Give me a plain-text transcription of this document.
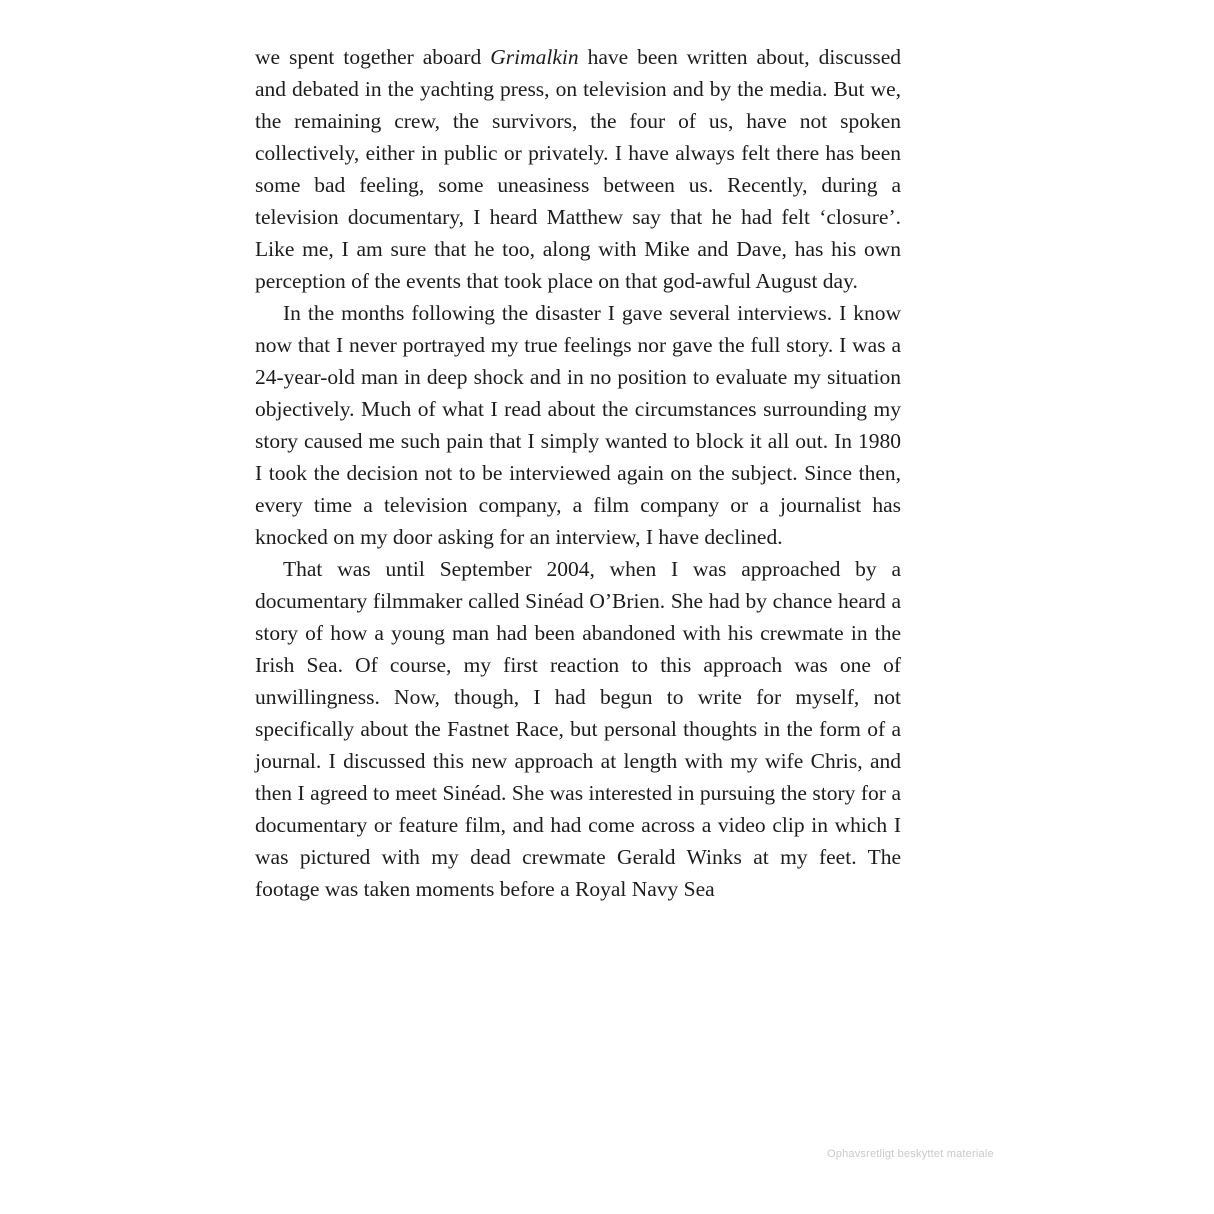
we spent together aboard Grimalkin have been written about, discussed and debated in the yachting press, on television and by the media. But we, the remaining crew, the survivors, the four of us, have not spoken collectively, either in public or privately. I have always felt there has been some bad feeling, some uneasiness between us. Recently, during a television documentary, I heard Matthew say that he had felt ‘closure’. Like me, I am sure that he too, along with Mike and Dave, has his own perception of the events that took place on that god-awful August day.

In the months following the disaster I gave several interviews. I know now that I never portrayed my true feelings nor gave the full story. I was a 24-year-old man in deep shock and in no position to evaluate my situation objectively. Much of what I read about the circumstances surrounding my story caused me such pain that I simply wanted to block it all out. In 1980 I took the decision not to be interviewed again on the subject. Since then, every time a television company, a film company or a journalist has knocked on my door asking for an interview, I have declined.

That was until September 2004, when I was approached by a documentary filmmaker called Sinéad O’Brien. She had by chance heard a story of how a young man had been abandoned with his crewmate in the Irish Sea. Of course, my first reaction to this approach was one of unwillingness. Now, though, I had begun to write for myself, not specifically about the Fastnet Race, but personal thoughts in the form of a journal. I discussed this new approach at length with my wife Chris, and then I agreed to meet Sinéad. She was interested in pursuing the story for a documentary or feature film, and had come across a video clip in which I was pictured with my dead crewmate Gerald Winks at my feet. The footage was taken moments before a Royal Navy Sea

Ophavsretligt beskyttet materiale
